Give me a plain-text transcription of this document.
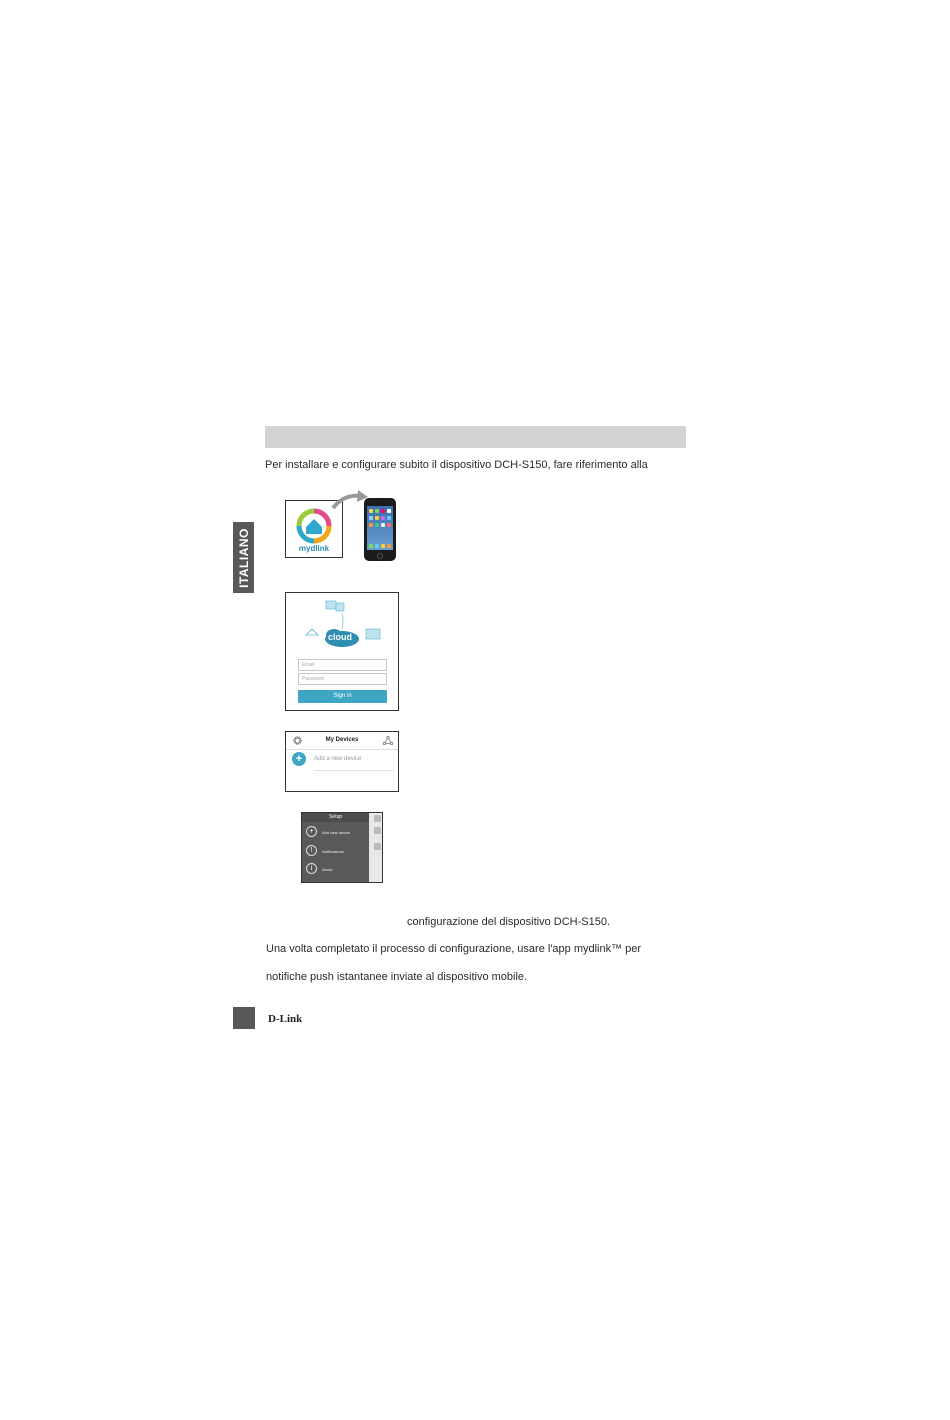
Per installare e configurare subito il dispositivo DCH-S150, fare riferimento alla
ITALIANO	mydlink
cloud
Email
Password
Sign in
My Devices
+	Add a new device
Setup
+	Add new device
!	Notifications
i	About
configurazione del dispositivo DCH-S150.
Una volta completato il processo di configurazione, usare l'app mydlink™ per
notifiche push istantanee inviate al dispositivo mobile.
D-Link
